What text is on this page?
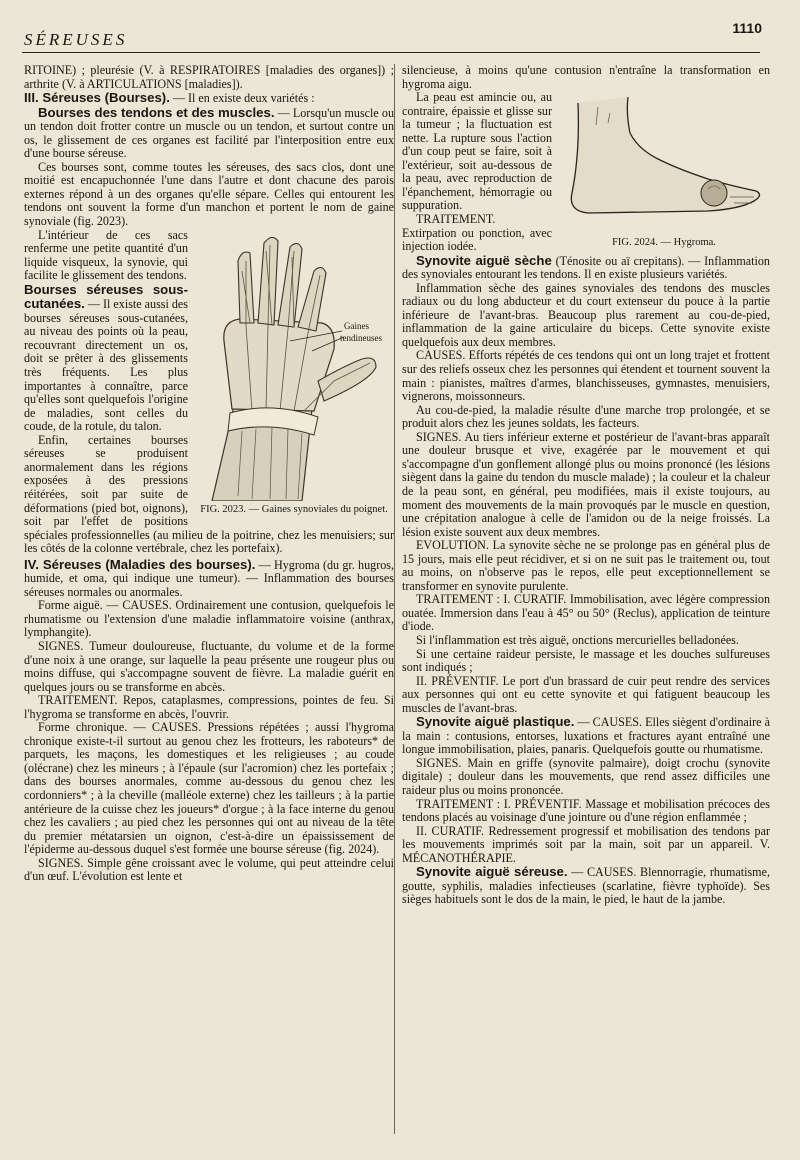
SÉREUSES
1110

RITOINE) ; pleurésie (V. à RESPIRATOIRES [maladies des organes]) ; arthrite (V. à ARTICULATIONS [maladies]).

III. Séreuses (Bourses). — Il en existe deux variétés :

Bourses des tendons et des muscles. — Lorsqu'un muscle ou un tendon doit frotter contre un muscle ou un tendon, et surtout contre un os, le glissement de ces organes est facilité par l'interposition entre eux d'une bourse séreuse.

Ces bourses sont, comme toutes les séreuses, des sacs clos, dont une moitié est encapuchonnée l'une dans l'autre et dont chacune des parois externes répond à un des organes qu'elle sépare. Celles qui entourent les tendons ont souvent la forme d'un manchon et portent le nom de gaine synoviale (fig. 2023).

Gaines
tendineuses
FIG. 2023. — Gaines synoviales du poignet.

L'intérieur de ces sacs renferme une petite quantité d'un liquide visqueux, la synovie, qui facilite le glissement des tendons.

Bourses séreuses sous-cutanées. — Il existe aussi des bourses séreuses sous-cutanées, au niveau des points où la peau, recouvrant directement un os, doit se prêter à des glissements très fréquents. Les plus importantes à connaître, parce qu'elles sont quelquefois l'origine de maladies, sont celles du coude, de la rotule, du talon.

Enfin, certaines bourses séreuses se produisent anormalement dans les régions exposées à des pressions réitérées, soit par suite de déformations (pied bot, oignons), soit par l'effet de positions spéciales professionnelles (au milieu de la poitrine, chez les menuisiers; sur les côtés de la colonne vertébrale, chez les portefaix).

IV. Séreuses (Maladies des bourses). — Hygroma (du gr. hugros, humide, et oma, qui indique une tumeur). — Inflammation des bourses séreuses normales ou anormales.

Forme aiguë. — CAUSES. Ordinairement une contusion, quelquefois le rhumatisme ou l'extension d'une maladie inflammatoire voisine (anthrax, lymphangite).

SIGNES. Tumeur douloureuse, fluctuante, du volume et de la forme d'une noix à une orange, sur laquelle la peau présente une rougeur plus ou moins diffuse, qui s'accompagne souvent de fièvre. La maladie guérit en quelques jours ou se transforme en abcès.

TRAITEMENT. Repos, cataplasmes, compressions, pointes de feu. Si l'hygroma se transforme en abcès, l'ouvrir.

Forme chronique. — CAUSES. Pressions répétées ; aussi l'hygroma chronique existe-t-il surtout au genou chez les frotteurs, les raboteurs* de parquets, les maçons, les domestiques et les religieuses ; au coude (olécrane) chez les mineurs ; à l'épaule (sur l'acromion) chez les portefaix ; dans des bourses anormales, comme au-dessous du genou chez les cordonniers* ; à la cheville (malléole externe) chez les tailleurs ; à la partie antérieure de la cuisse chez les joueurs* d'orgue ; à la face interne du genou chez les cavaliers ; au pied chez les personnes qui ont au niveau de la tête du premier métatarsien un oignon, c'est-à-dire un épaississement de l'épiderme au-dessous duquel s'est formée une bourse séreuse (fig. 2024).

SIGNES. Simple gêne croissant avec le volume, qui peut atteindre celui d'un œuf. L'évolution est lente et

silencieuse, à moins qu'une contusion n'entraîne la transformation en hygroma aigu.

FIG. 2024. — Hygroma.

La peau est amincie ou, au contraire, épaissie et glisse sur la tumeur ; la fluctuation est nette. La rupture sous l'action d'un coup peut se faire, soit à l'extérieur, soit au-dessous de la peau, avec reproduction de l'épanchement, hémorragie ou suppuration.

TRAITEMENT. Extirpation ou ponction, avec injection iodée.

Synovite aiguë sèche (Ténosite ou aï crepitans). — Inflammation des synoviales entourant les tendons. Il en existe plusieurs variétés.

Inflammation sèche des gaines synoviales des tendons des muscles radiaux ou du long abducteur et du court extenseur du pouce à la partie inférieure de l'avant-bras. Beaucoup plus rarement au cou-de-pied, inflammation de la gaine articulaire du biceps. Cette synovite existe quelquefois aux deux membres.

CAUSES. Efforts répétés de ces tendons qui ont un long trajet et frottent sur des reliefs osseux chez les personnes qui étendent et tournent souvent la main : pianistes, maîtres d'armes, blanchisseuses, gymnastes, menuisiers, vignerons, moissonneurs.

Au cou-de-pied, la maladie résulte d'une marche trop prolongée, et se produit alors chez les jeunes soldats, les facteurs.

SIGNES. Au tiers inférieur externe et postérieur de l'avant-bras apparaît une douleur brusque et vive, exagérée par le mouvement et qui s'accompagne d'un gonflement allongé plus ou moins prononcé (les lésions siègent dans la gaine du tendon du muscle malade) ; la couleur et la chaleur de la peau sont, en général, peu modifiées, mais il existe toujours, au moment des mouvements de la main provoqués par le muscle en question, une crépitation analogue à celle de l'amidon ou de la neige froissés. La lésion existe souvent aux deux membres.

EVOLUTION. La synovite sèche ne se prolonge pas en général plus de 15 jours, mais elle peut récidiver, et si on ne suit pas le traitement ou, tout au moins, on n'observe pas le repos, elle peut exceptionnellement se transformer en synovite purulente.

TRAITEMENT : I. CURATIF. Immobilisation, avec légère compression ouatée. Immersion dans l'eau à 45° ou 50° (Reclus), application de teinture d'iode.

Si l'inflammation est très aiguë, onctions mercurielles belladonées.

Si une certaine raideur persiste, le massage et les douches sulfureuses sont indiqués ;

II. PRÉVENTIF. Le port d'un brassard de cuir peut rendre des services aux personnes qui ont eu cette synovite et qui fatiguent beaucoup les muscles de l'avant-bras.

Synovite aiguë plastique. — CAUSES. Elles siègent d'ordinaire à la main : contusions, entorses, luxations et fractures ayant entraîné une longue immobilisation, plaies, panaris. Quelquefois goutte ou rhumatisme.

SIGNES. Main en griffe (synovite palmaire), doigt crochu (synovite digitale) ; douleur dans les mouvements, que rend assez difficiles une raideur plus ou moins prononcée.

TRAITEMENT : I. PRÉVENTIF. Massage et mobilisation précoces des tendons placés au voisinage d'une jointure ou d'une région enflammée ;

II. CURATIF. Redressement progressif et mobilisation des tendons par les mouvements imprimés soit par la main, soit par un appareil. V. MÉCANOTHÉRAPIE.

Synovite aiguë séreuse. — CAUSES. Blennorragie, rhumatisme, goutte, syphilis, maladies infectieuses (scarlatine, fièvre typhoïde). Ses sièges habituels sont le dos de la main, le pied, le haut de la jambe.
